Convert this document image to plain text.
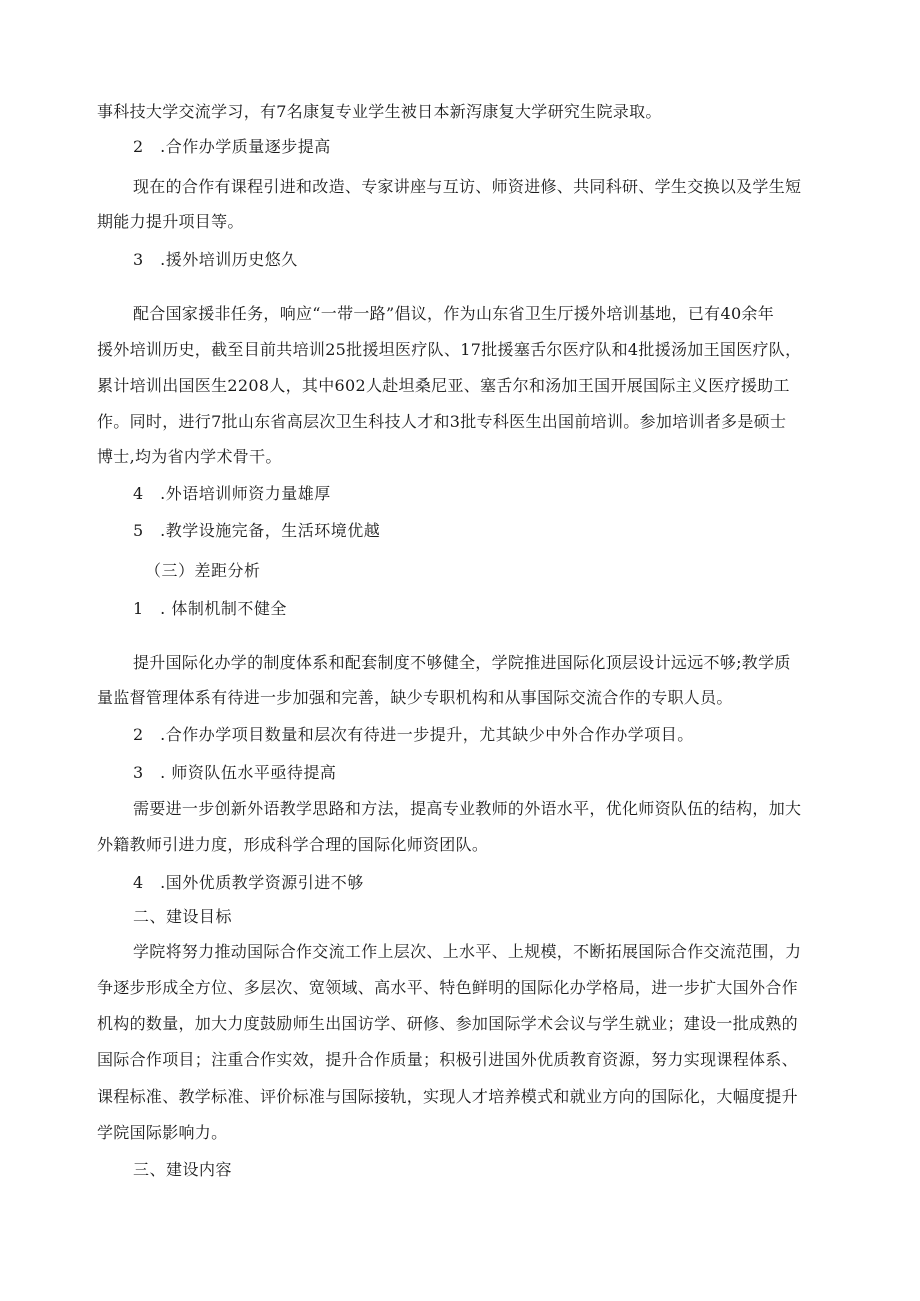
事科技大学交流学习，有7名康复专业学生被日本新泻康复大学研究生院录取。
2　.合作办学质量逐步提高
现在的合作有课程引进和改造、专家讲座与互访、师资进修、共同科研、学生交换以及学生短
期能力提升项目等。
3　.援外培训历史悠久
配合国家援非任务，响应“一带一路”倡议，作为山东省卫生厅援外培训基地，已有40余年
援外培训历史，截至目前共培训25批援坦医疗队、17批援塞舌尔医疗队和4批援汤加王国医疗队，
累计培训出国医生2208人，其中602人赴坦桑尼亚、塞舌尔和汤加王国开展国际主义医疗援助工
作。同时，进行7批山东省高层次卫生科技人才和3批专科医生出国前培训。参加培训者多是硕士
博士,均为省内学术骨干。
4　.外语培训师资力量雄厚
5　.教学设施完备，生活环境优越
（三）差距分析
1　. 体制机制不健全
提升国际化办学的制度体系和配套制度不够健全，学院推进国际化顶层设计远远不够;教学质
量监督管理体系有待进一步加强和完善，缺少专职机构和从事国际交流合作的专职人员。
2　.合作办学项目数量和层次有待进一步提升，尤其缺少中外合作办学项目。
3　. 师资队伍水平亟待提高
需要进一步创新外语教学思路和方法，提高专业教师的外语水平，优化师资队伍的结构，加大
外籍教师引进力度，形成科学合理的国际化师资团队。
4　.国外优质教学资源引进不够
二、建设目标
学院将努力推动国际合作交流工作上层次、上水平、上规模，不断拓展国际合作交流范围，力
争逐步形成全方位、多层次、宽领域、高水平、特色鲜明的国际化办学格局，进一步扩大国外合作
机构的数量，加大力度鼓励师生出国访学、研修、参加国际学术会议与学生就业；建设一批成熟的
国际合作项目；注重合作实效，提升合作质量；积极引进国外优质教育资源，努力实现课程体系、
课程标准、教学标准、评价标准与国际接轨，实现人才培养模式和就业方向的国际化，大幅度提升
学院国际影响力。
三、建设内容
